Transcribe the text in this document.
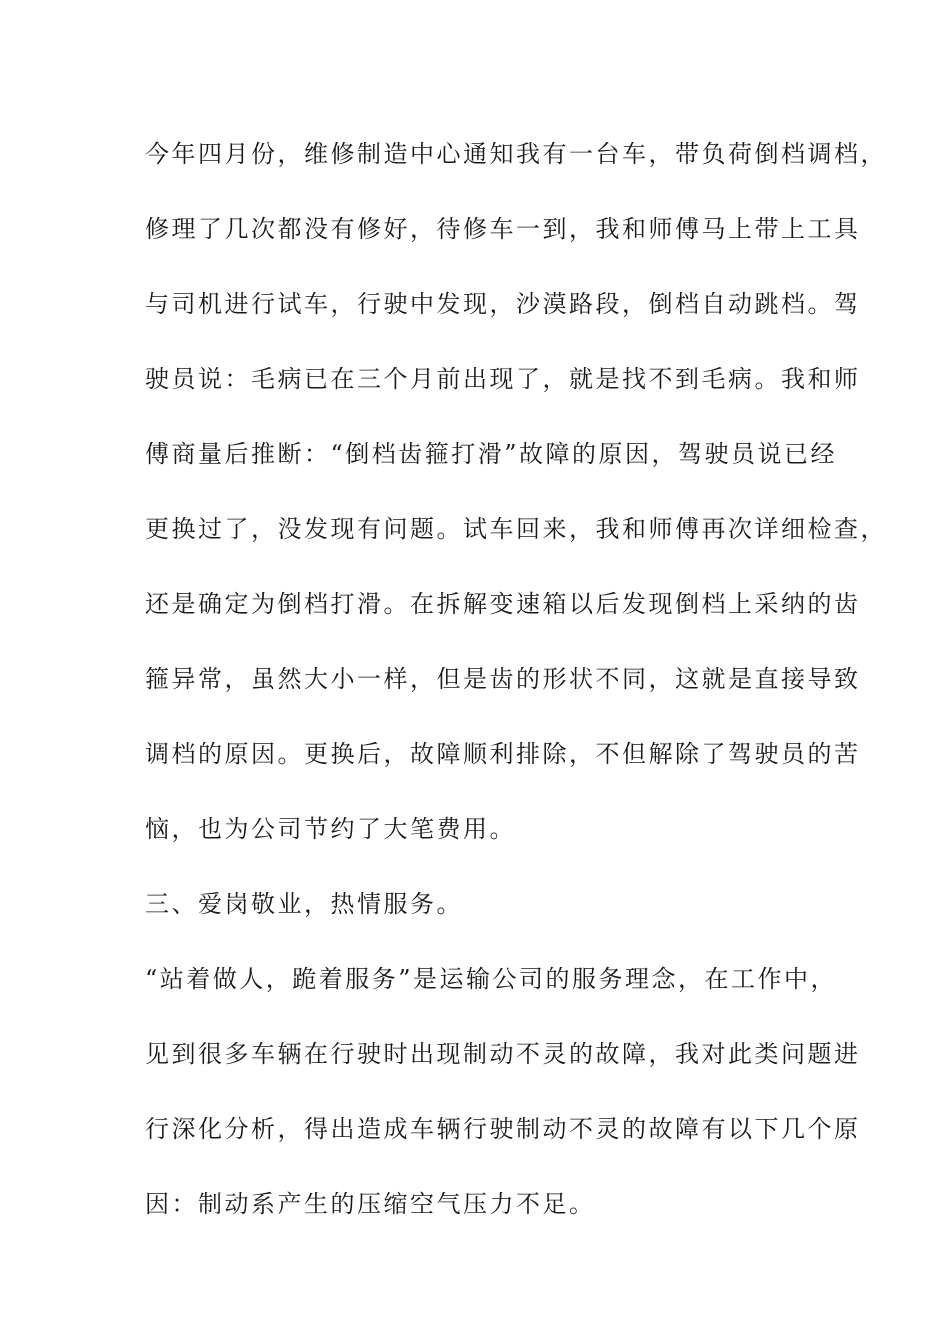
今年四月份，维修制造中心通知我有一台车，带负荷倒档调档，
修理了几次都没有修好，待修车一到，我和师傅马上带上工具
与司机进行试车，行驶中发现，沙漠路段，倒档自动跳档。驾
驶员说：毛病已在三个月前出现了，就是找不到毛病。我和师
傅商量后推断：“倒档齿箍打滑”故障的原因，驾驶员说已经
更换过了，没发现有问题。试车回来，我和师傅再次详细检查，
还是确定为倒档打滑。在拆解变速箱以后发现倒档上采纳的齿
箍异常，虽然大小一样，但是齿的形状不同，这就是直接导致
调档的原因。更换后，故障顺利排除，不但解除了驾驶员的苦
恼，也为公司节约了大笔费用。
三、爱岗敬业，热情服务。
“站着做人，跪着服务”是运输公司的服务理念，在工作中，
见到很多车辆在行驶时出现制动不灵的故障，我对此类问题进
行深化分析，得出造成车辆行驶制动不灵的故障有以下几个原
因：制动系产生的压缩空气压力不足。
